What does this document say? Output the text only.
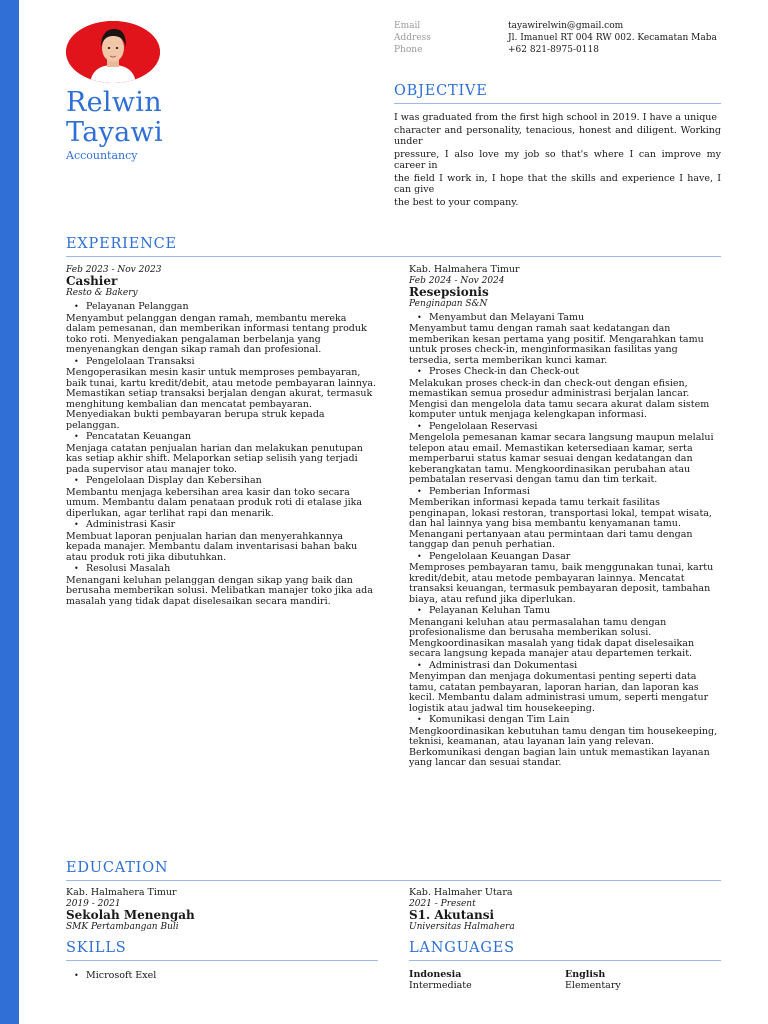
Relwin
Tayawi
Accountancy
Email	tayawirelwin@gmail.com
Address	Jl. Imanuel RT 004 RW 002. Kecamatan Maba
Phone	+62 821-8975-0118
OBJECTIVE
I was graduated from the first high school in 2019. I have a unique
character and personality, tenacious, honest and diligent. Working under
pressure, I also love my job so that's where I can improve my career in
the field I work in, I hope that the skills and experience I have, I can give
the best to your company.
EXPERIENCE
Feb 2023 - Nov 2023
Cashier
Resto & Bakery
• Pelayanan Pelanggan
Menyambut pelanggan dengan ramah, membantu mereka dalam pemesanan, dan memberikan informasi tentang produk toko roti. Menyediakan pengalaman berbelanja yang menyenangkan dengan sikap ramah dan profesional.
• Pengelolaan Transaksi
Mengoperasikan mesin kasir untuk memproses pembayaran, baik tunai, kartu kredit/debit, atau metode pembayaran lainnya. Memastikan setiap transaksi berjalan dengan akurat, termasuk menghitung kembalian dan mencatat pembayaran. Menyediakan bukti pembayaran berupa struk kepada pelanggan.
• Pencatatan Keuangan
Menjaga catatan penjualan harian dan melakukan penutupan kas setiap akhir shift. Melaporkan setiap selisih yang terjadi pada supervisor atau manajer toko.
• Pengelolaan Display dan Kebersihan
Membantu menjaga kebersihan area kasir dan toko secara umum. Membantu dalam penataan produk roti di etalase jika diperlukan, agar terlihat rapi dan menarik.
• Administrasi Kasir
Membuat laporan penjualan harian dan menyerahkannya kepada manajer. Membantu dalam inventarisasi bahan baku atau produk roti jika dibutuhkan.
• Resolusi Masalah
Menangani keluhan pelanggan dengan sikap yang baik dan berusaha memberikan solusi. Melibatkan manajer toko jika ada masalah yang tidak dapat diselesaikan secara mandiri.
Kab. Halmahera Timur
Feb 2024 - Nov 2024
Resepsionis
Penginapan S&N
• Menyambut dan Melayani Tamu
Menyambut tamu dengan ramah saat kedatangan dan memberikan kesan pertama yang positif. Mengarahkan tamu untuk proses check-in, menginformasikan fasilitas yang tersedia, serta memberikan kunci kamar.
• Proses Check-in dan Check-out
Melakukan proses check-in dan check-out dengan efisien, memastikan semua prosedur administrasi berjalan lancar. Mengisi dan mengelola data tamu secara akurat dalam sistem komputer untuk menjaga kelengkapan informasi.
• Pengelolaan Reservasi
Mengelola pemesanan kamar secara langsung maupun melalui telepon atau email. Memastikan ketersediaan kamar, serta memperbarui status kamar sesuai dengan kedatangan dan keberangkatan tamu. Mengkoordinasikan perubahan atau pembatalan reservasi dengan tamu dan tim terkait.
• Pemberian Informasi
Memberikan informasi kepada tamu terkait fasilitas penginapan, lokasi restoran, transportasi lokal, tempat wisata, dan hal lainnya yang bisa membantu kenyamanan tamu. Menangani pertanyaan atau permintaan dari tamu dengan tanggap dan penuh perhatian.
• Pengelolaan Keuangan Dasar
Memproses pembayaran tamu, baik menggunakan tunai, kartu kredit/debit, atau metode pembayaran lainnya. Mencatat transaksi keuangan, termasuk pembayaran deposit, tambahan biaya, atau refund jika diperlukan.
• Pelayanan Keluhan Tamu
Menangani keluhan atau permasalahan tamu dengan profesionalisme dan berusaha memberikan solusi. Mengkoordinasikan masalah yang tidak dapat diselesaikan secara langsung kepada manajer atau departemen terkait.
• Administrasi dan Dokumentasi
Menyimpan dan menjaga dokumentasi penting seperti data tamu, catatan pembayaran, laporan harian, dan laporan kas kecil. Membantu dalam administrasi umum, seperti mengatur logistik atau jadwal tim housekeeping.
• Komunikasi dengan Tim Lain
Mengkoordinasikan kebutuhan tamu dengan tim housekeeping, teknisi, keamanan, atau layanan lain yang relevan. Berkomunikasi dengan bagian lain untuk memastikan layanan yang lancar dan sesuai standar.
EDUCATION
Kab. Halmahera Timur
2019 - 2021
Sekolah Menengah
SMK Pertambangan Buli
Kab. Halmaher Utara
2021 - Present
S1. Akutansi
Universitas Halmahera
SKILLS
• Microsoft Exel
LANGUAGES
Indonesia
Intermediate
English
Elementary
